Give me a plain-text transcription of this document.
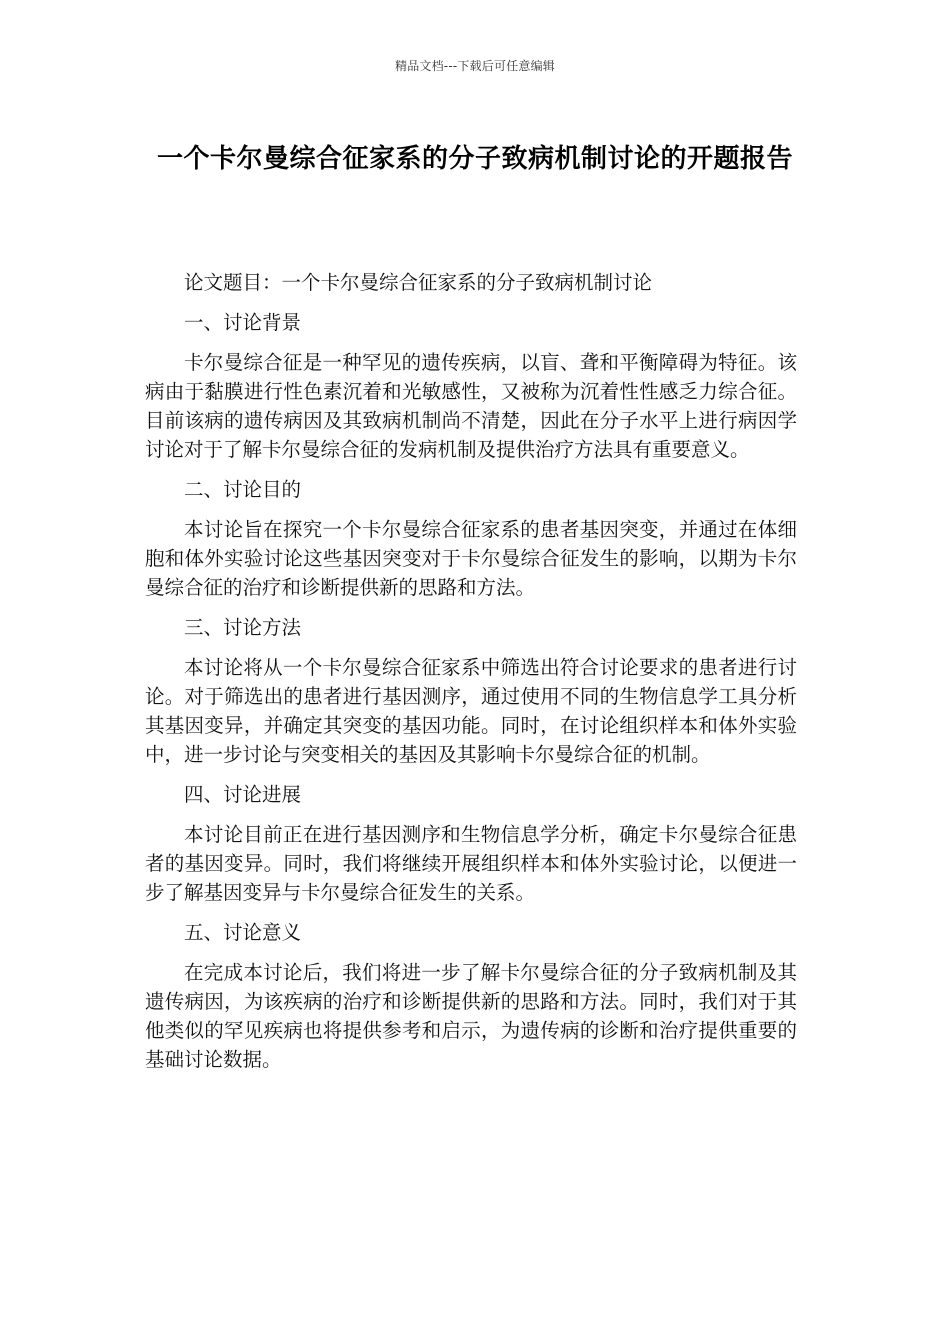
精品文档---下载后可任意编辑
一个卡尔曼综合征家系的分子致病机制讨论的开题报告

论文题目：一个卡尔曼综合征家系的分子致病机制讨论

一、讨论背景

卡尔曼综合征是一种罕见的遗传疾病，以盲、聋和平衡障碍为特征。该病由于黏膜进行性色素沉着和光敏感性，又被称为沉着性性感乏力综合征。目前该病的遗传病因及其致病机制尚不清楚，因此在分子水平上进行病因学讨论对于了解卡尔曼综合征的发病机制及提供治疗方法具有重要意义。

二、讨论目的

本讨论旨在探究一个卡尔曼综合征家系的患者基因突变，并通过在体细胞和体外实验讨论这些基因突变对于卡尔曼综合征发生的影响，以期为卡尔曼综合征的治疗和诊断提供新的思路和方法。

三、讨论方法

本讨论将从一个卡尔曼综合征家系中筛选出符合讨论要求的患者进行讨论。对于筛选出的患者进行基因测序，通过使用不同的生物信息学工具分析其基因变异，并确定其突变的基因功能。同时，在讨论组织样本和体外实验中，进一步讨论与突变相关的基因及其影响卡尔曼综合征的机制。

四、讨论进展

本讨论目前正在进行基因测序和生物信息学分析，确定卡尔曼综合征患者的基因变异。同时，我们将继续开展组织样本和体外实验讨论，以便进一步了解基因变异与卡尔曼综合征发生的关系。

五、讨论意义

在完成本讨论后，我们将进一步了解卡尔曼综合征的分子致病机制及其遗传病因，为该疾病的治疗和诊断提供新的思路和方法。同时，我们对于其他类似的罕见疾病也将提供参考和启示，为遗传病的诊断和治疗提供重要的基础讨论数据。
